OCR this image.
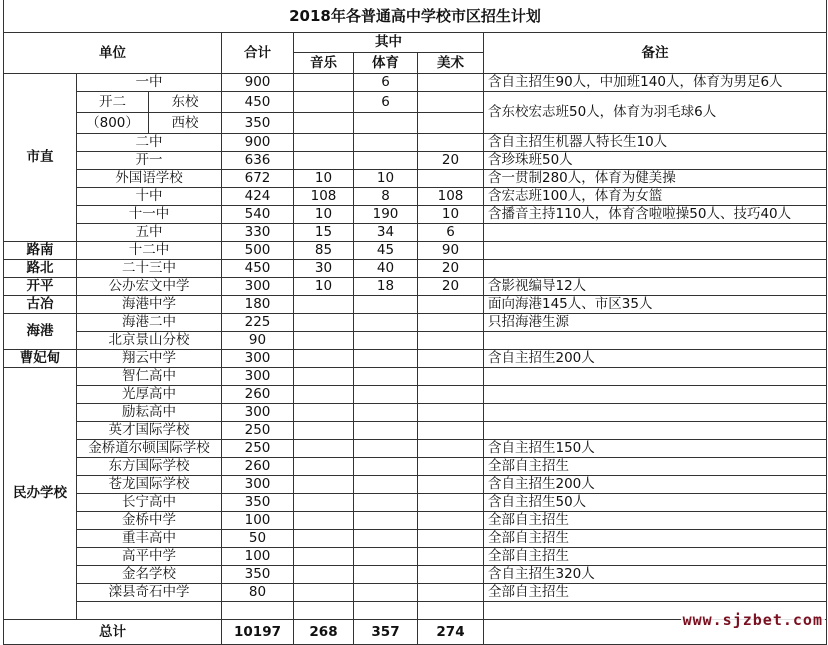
2018年各普通高中学校市区招生计划							
单位			合计	其中			备注
				音乐	体育	美术	
市直	一中		900		6		含自主招生90人，中加班140人，体育为男足6人
	开二	东校	450		6		含东校宏志班50人，体育为羽毛球6人
	（800）	西校	350				
	二中		900				含自主招生机器人特长生10人
	开一		636			20	含珍珠班50人
	外国语学校		672	10	10		含一贯制280人，体育为健美操
	十中		424	108	8	108	含宏志班100人，体育为女篮
	十一中		540	10	190	10	含播音主持110人，体育含啦啦操50人、技巧40人
	五中		330	15	34	6	
路南	十二中		500	85	45	90	
路北	二十三中		450	30	40	20	
开平	公办宏文中学		300	10	18	20	含影视编导12人
古冶	海港中学		180				面向海港145人、市区35人
海港	海港二中		225				只招海港生源
	北京景山分校		90				
曹妃甸	翔云中学		300				含自主招生200人
民办学校	智仁高中		300				
	光厚高中		260				
	励耘高中		300				
	英才国际学校		250				
	金桥道尔顿国际学校		250				含自主招生150人
	东方国际学校		260				全部自主招生
	苍龙国际学校		300				含自主招生200人
	长宁高中		350				含自主招生50人
	金桥中学		100				全部自主招生
	重丰高中		50				全部自主招生
	高平中学		100				全部自主招生
	金名学校		350				含自主招生320人
	滦县奇石中学		80				全部自主招生

总计			10197	268	357	274	
www.sjzbet.com
